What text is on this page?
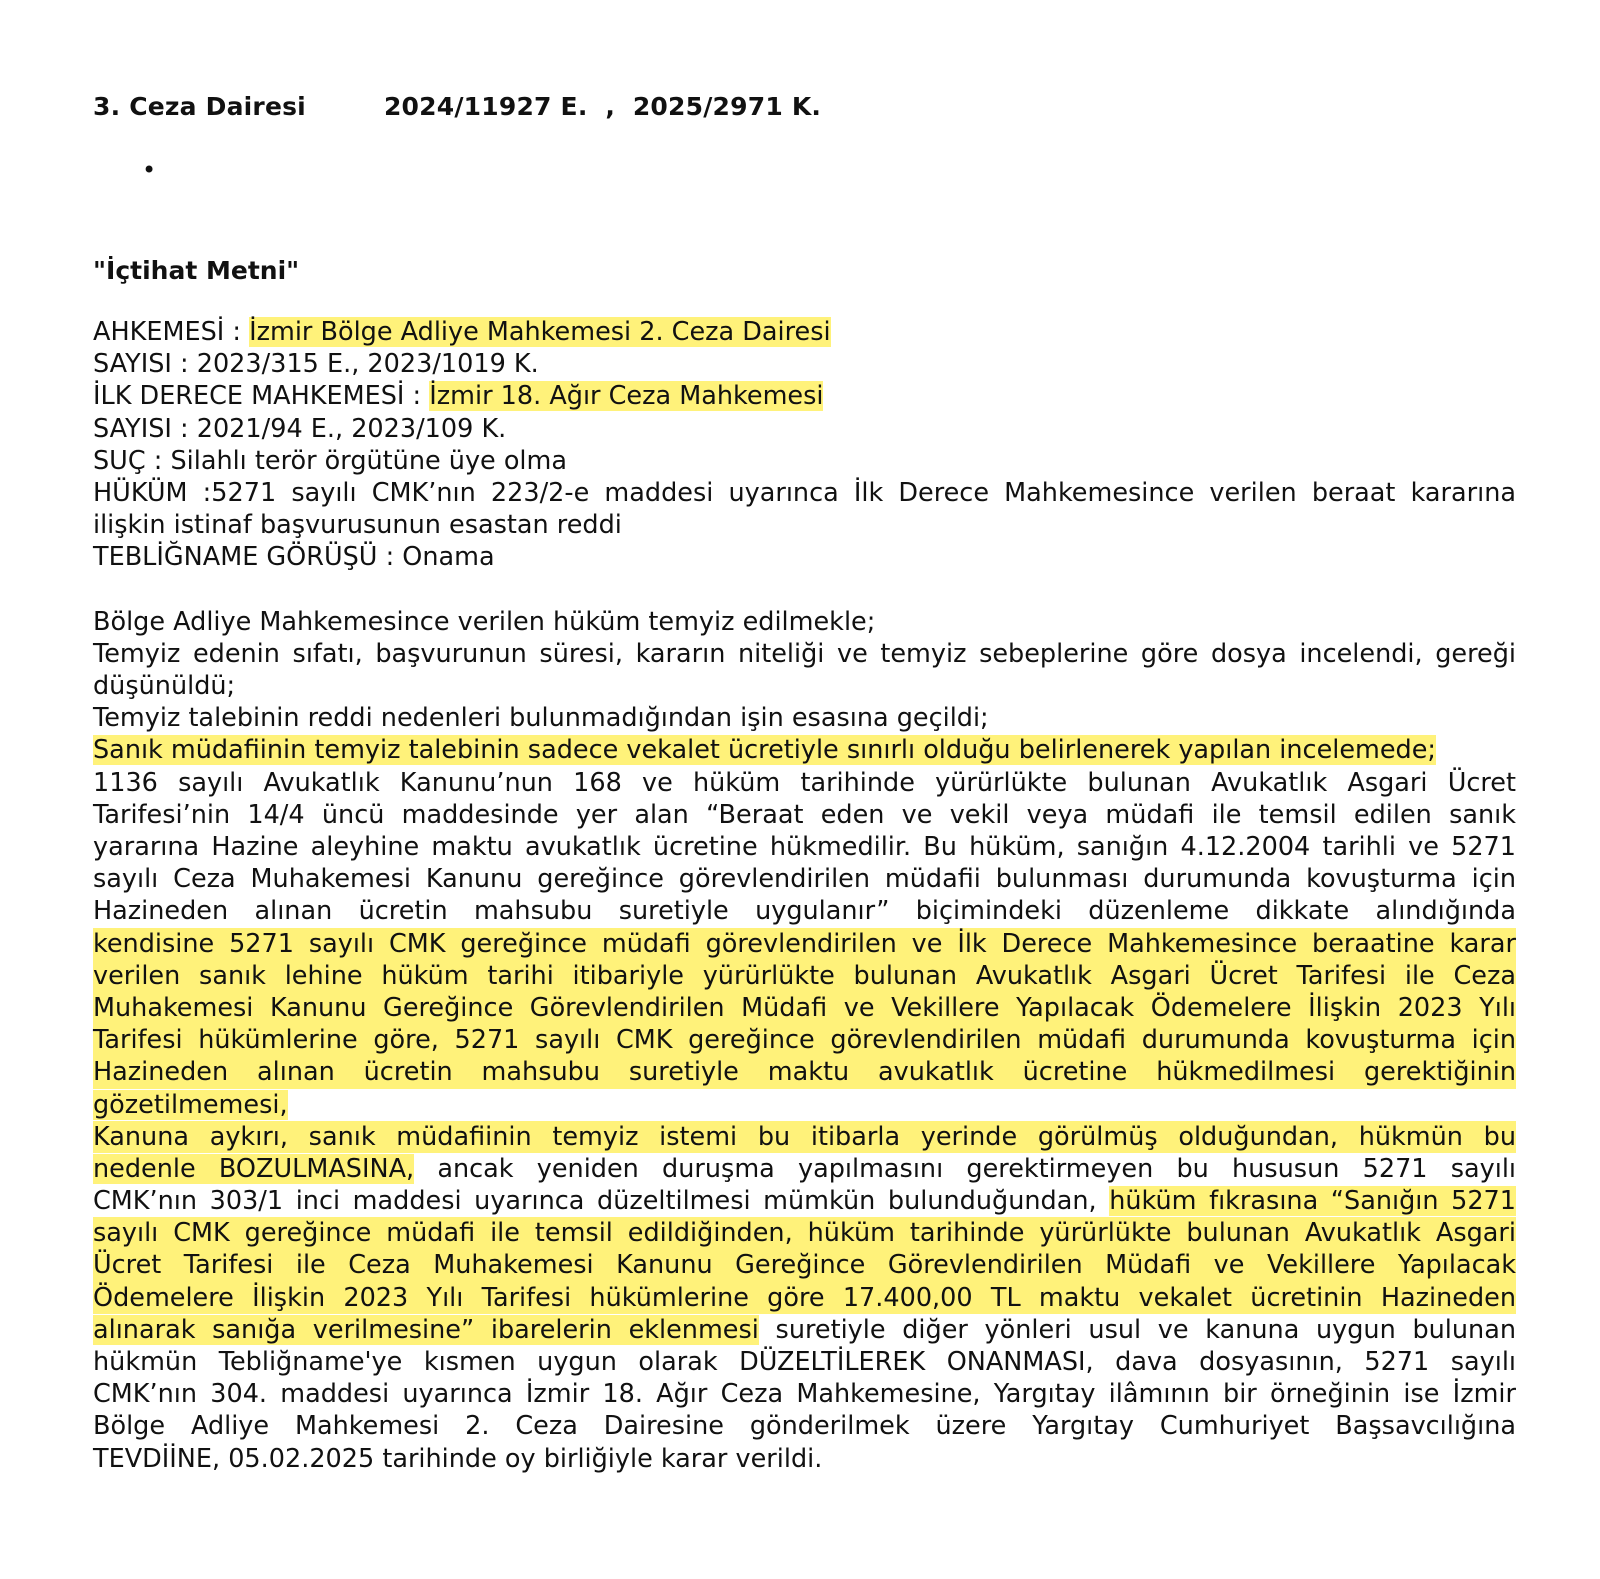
3. Ceza Dairesi	2024/11927 E.  ,  2025/2971 K.
•
"İçtihat Metni"
AHKEMESİ : İzmir Bölge Adliye Mahkemesi 2. Ceza Dairesi
SAYISI : 2023/315 E., 2023/1019 K.
İLK DERECE MAHKEMESİ : İzmir 18. Ağır Ceza Mahkemesi
SAYISI : 2021/94 E., 2023/109 K.
SUÇ : Silahlı terör örgütüne üye olma
HÜKÜM :5271 sayılı CMK’nın 223/2-e maddesi uyarınca İlk Derece Mahkemesince verilen beraat kararına
ilişkin istinaf başvurusunun esastan reddi
TEBLİĞNAME GÖRÜŞÜ : Onama
Bölge Adliye Mahkemesince verilen hüküm temyiz edilmekle;
Temyiz edenin sıfatı, başvurunun süresi, kararın niteliği ve temyiz sebeplerine göre dosya incelendi, gereği
düşünüldü;
Temyiz talebinin reddi nedenleri bulunmadığından işin esasına geçildi;
Sanık müdafiinin temyiz talebinin sadece vekalet ücretiyle sınırlı olduğu belirlenerek yapılan incelemede;
1136 sayılı Avukatlık Kanunu’nun 168 ve hüküm tarihinde yürürlükte bulunan Avukatlık Asgari Ücret
Tarifesi’nin 14/4 üncü maddesinde yer alan “Beraat eden ve vekil veya müdafi ile temsil edilen sanık
yararına Hazine aleyhine maktu avukatlık ücretine hükmedilir. Bu hüküm, sanığın 4.12.2004 tarihli ve 5271
sayılı Ceza Muhakemesi Kanunu gereğince görevlendirilen müdafii bulunması durumunda kovuşturma için
Hazineden alınan ücretin mahsubu suretiyle uygulanır” biçimindeki düzenleme dikkate alındığında
kendisine 5271 sayılı CMK gereğince müdafi görevlendirilen ve İlk Derece Mahkemesince beraatine karar
verilen sanık lehine hüküm tarihi itibariyle yürürlükte bulunan Avukatlık Asgari Ücret Tarifesi ile Ceza
Muhakemesi Kanunu Gereğince Görevlendirilen Müdafi ve Vekillere Yapılacak Ödemelere İlişkin 2023 Yılı
Tarifesi hükümlerine göre, 5271 sayılı CMK gereğince görevlendirilen müdafi durumunda kovuşturma için
Hazineden alınan ücretin mahsubu suretiyle maktu avukatlık ücretine hükmedilmesi gerektiğinin
gözetilmemesi,
Kanuna aykırı, sanık müdafiinin temyiz istemi bu itibarla yerinde görülmüş olduğundan, hükmün bu
nedenle BOZULMASINA, ancak yeniden duruşma yapılmasını gerektirmeyen bu hususun 5271 sayılı
CMK’nın 303/1 inci maddesi uyarınca düzeltilmesi mümkün bulunduğundan, hüküm fıkrasına “Sanığın 5271
sayılı CMK gereğince müdafi ile temsil edildiğinden, hüküm tarihinde yürürlükte bulunan Avukatlık Asgari
Ücret Tarifesi ile Ceza Muhakemesi Kanunu Gereğince Görevlendirilen Müdafi ve Vekillere Yapılacak
Ödemelere İlişkin 2023 Yılı Tarifesi hükümlerine göre 17.400,00 TL maktu vekalet ücretinin Hazineden
alınarak sanığa verilmesine” ibarelerin eklenmesi suretiyle diğer yönleri usul ve kanuna uygun bulunan
hükmün Tebliğname'ye kısmen uygun olarak DÜZELTİLEREK ONANMASI, dava dosyasının, 5271 sayılı
CMK’nın 304. maddesi uyarınca İzmir 18. Ağır Ceza Mahkemesine, Yargıtay ilâmının bir örneğinin ise İzmir
Bölge Adliye Mahkemesi 2. Ceza Dairesine gönderilmek üzere Yargıtay Cumhuriyet Başsavcılığına
TEVDİİNE, 05.02.2025 tarihinde oy birliğiyle karar verildi.
